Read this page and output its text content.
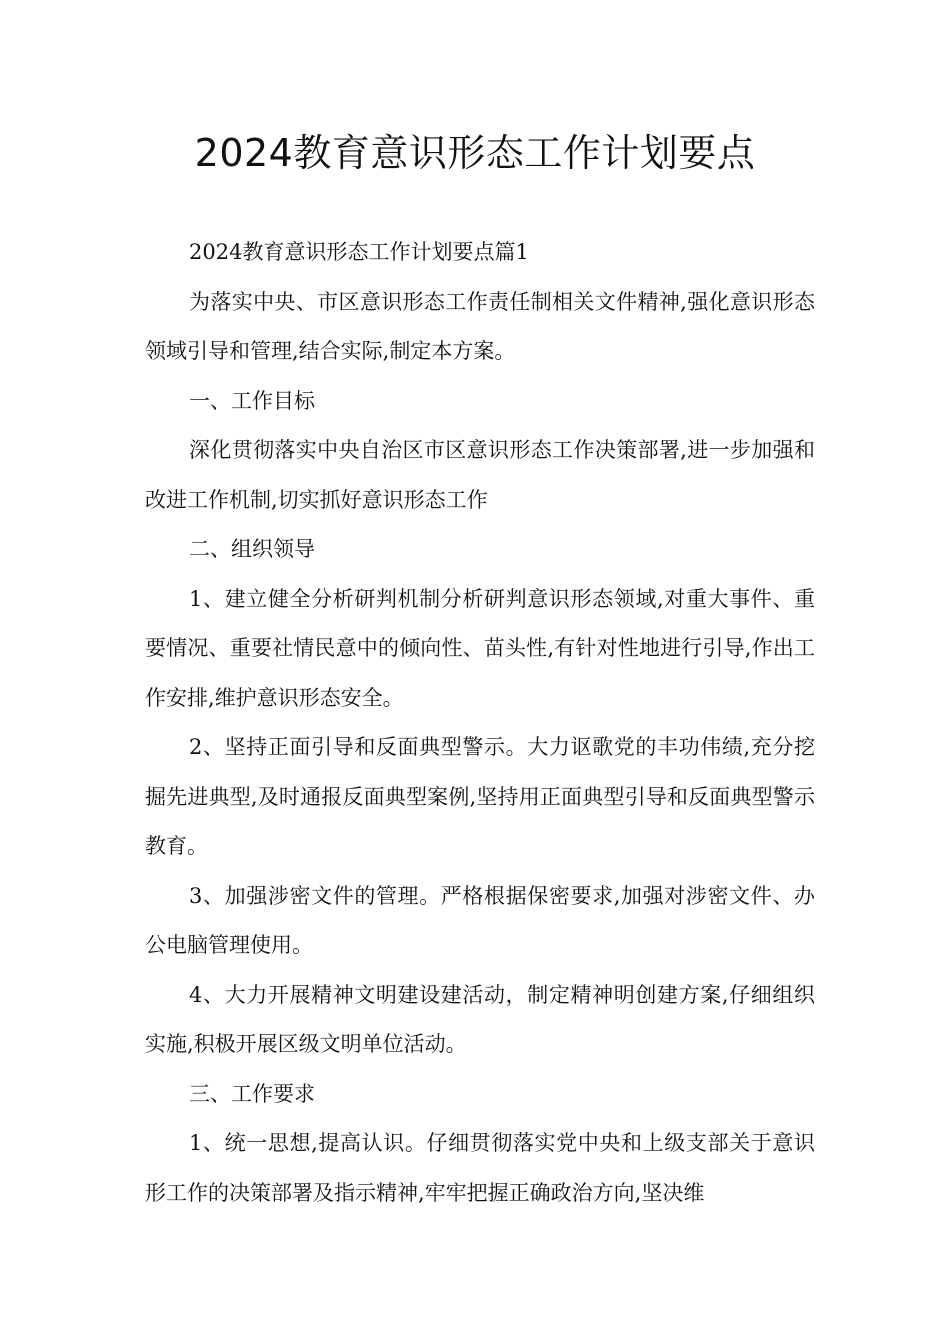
2024教育意识形态工作计划要点

2024教育意识形态工作计划要点篇1

为落实中央、市区意识形态工作责任制相关文件精神,强化意识形态领域引导和管理,结合实际,制定本方案。

一、工作目标

深化贯彻落实中央自治区市区意识形态工作决策部署,进一步加强和改进工作机制,切实抓好意识形态工作

二、组织领导

1、建立健全分析研判机制分析研判意识形态领域,对重大事件、重要情况、重要社情民意中的倾向性、苗头性,有针对性地进行引导,作出工作安排,维护意识形态安全。

2、坚持正面引导和反面典型警示。大力讴歌党的丰功伟绩,充分挖掘先进典型,及时通报反面典型案例,坚持用正面典型引导和反面典型警示教育。

3、加强涉密文件的管理。严格根据保密要求,加强对涉密文件、办公电脑管理使用。

4、大力开展精神文明建设建活动，制定精神明创建方案,仔细组织实施,积极开展区级文明单位活动。

三、工作要求

1、统一思想,提高认识。仔细贯彻落实党中央和上级支部关于意识形工作的决策部署及指示精神,牢牢把握正确政治方向,坚决维
